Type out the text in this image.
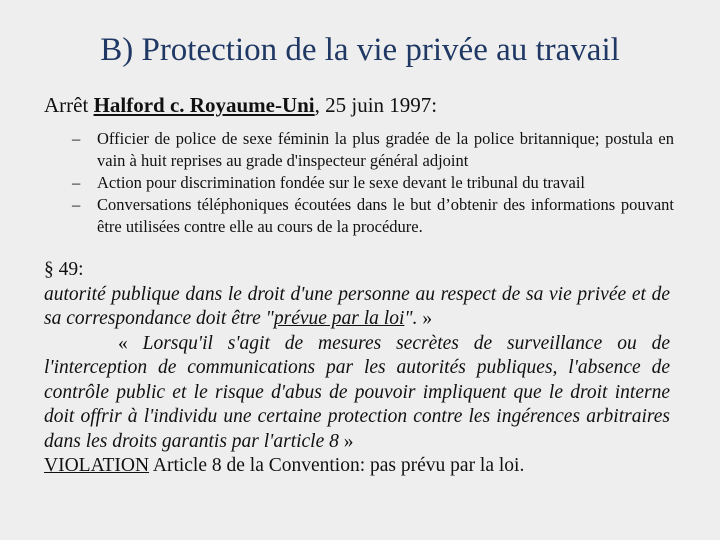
B) Protection de la vie privée au travail
Arrêt Halford c. Royaume-Uni, 25 juin 1997:
– Officier de police de sexe féminin la plus gradée de la police britannique; postula en vain à huit reprises au grade d'inspecteur général adjoint
– Action pour discrimination fondée sur le sexe devant le tribunal du travail
– Conversations téléphoniques écoutées dans le but d’obtenir des informations pouvant être utilisées contre elle au cours de la procédure.

§ 49:

autorité publique dans le droit d'une personne au respect de sa vie privée et de sa correspondance doit être "prévue par la loi". »

« Lorsqu'il s'agit de mesures secrètes de surveillance ou de l'interception de communications par les autorités publiques, l'absence de contrôle public et le risque d'abus de pouvoir impliquent que le droit interne doit offrir à l'individu une certaine protection contre les ingérences arbitraires dans les droits garantis par l'article 8 »

VIOLATION Article 8 de la Convention: pas prévu par la loi.
